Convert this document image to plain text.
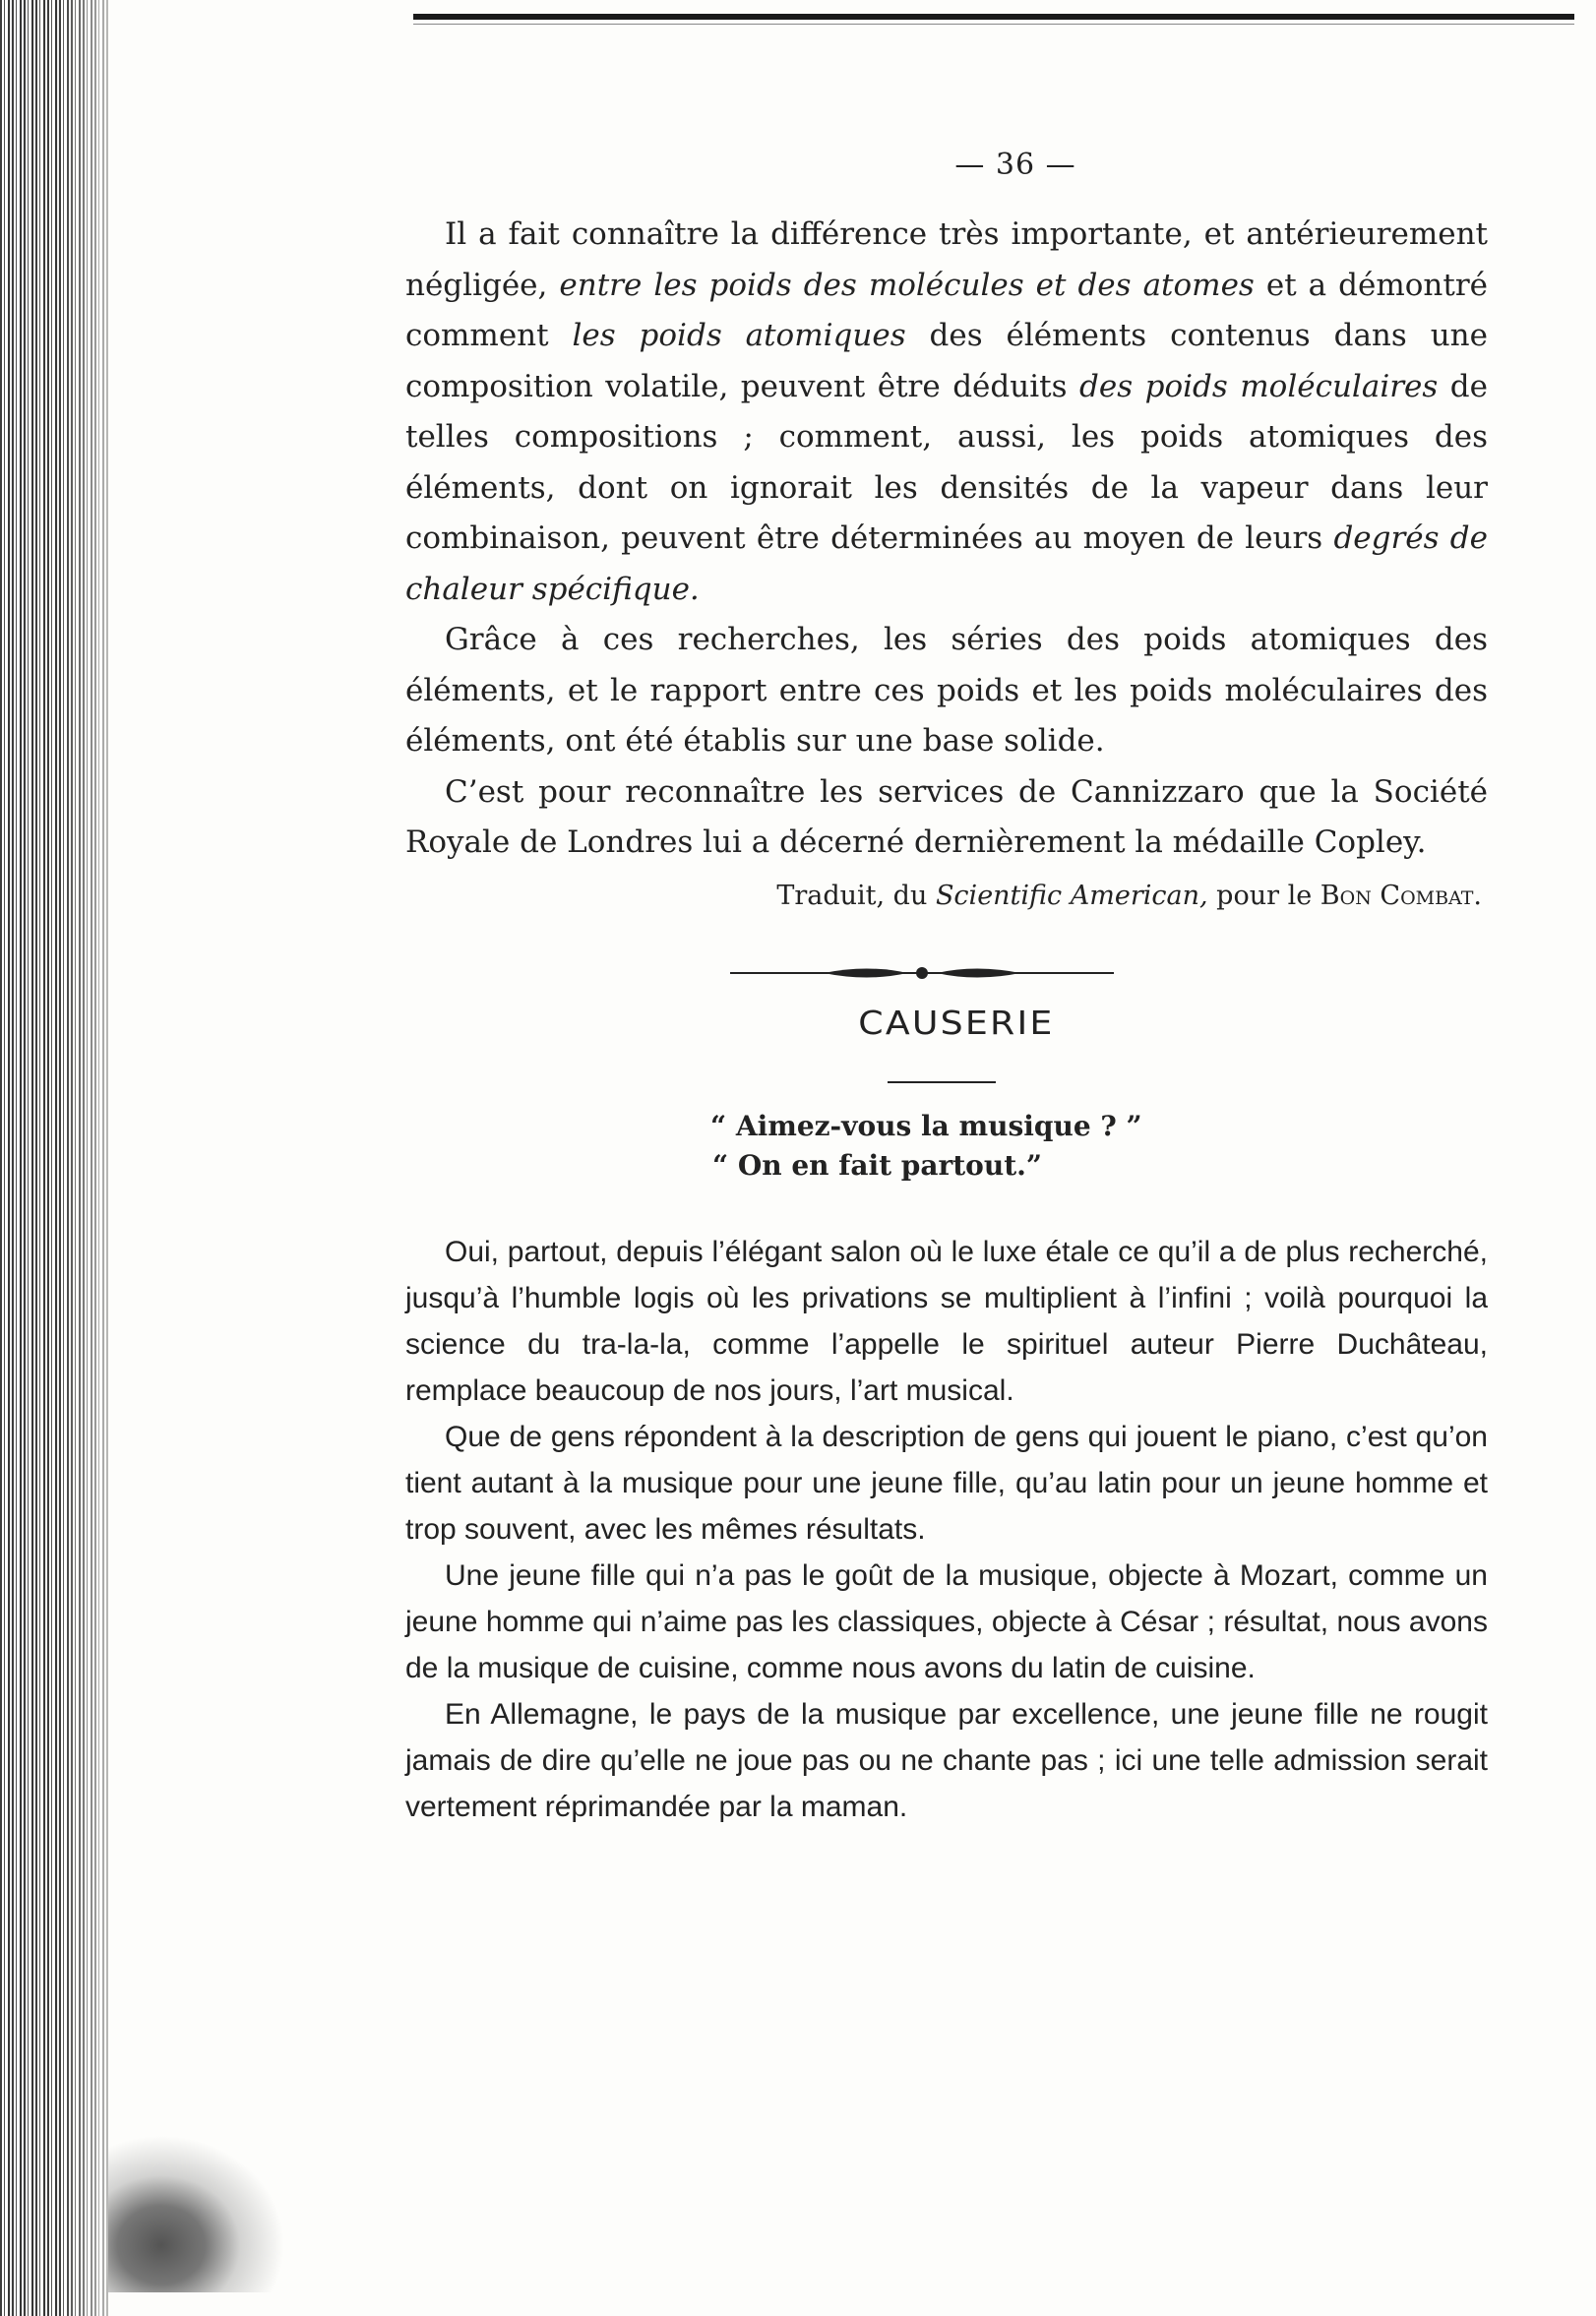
— 36 —

Il a fait connaître la différence très importante, et antérieurement négligée, entre les poids des molécules et des atomes et a démontré comment les poids atomiques des éléments contenus dans une composition volatile, peuvent être déduits des poids moléculaires de telles compositions ; comment, aussi, les poids atomiques des éléments, dont on ignorait les densités de la vapeur dans leur combinaison, peuvent être déterminées au moyen de leurs degrés de chaleur spécifique.

Grâce à ces recherches, les séries des poids atomiques des éléments, et le rapport entre ces poids et les poids moléculaires des éléments, ont été établis sur une base solide.

C’est pour reconnaître les services de Cannizzaro que la Société Royale de Londres lui a décerné dernièrement la médaille Copley.

Traduit, du Scientific American, pour le Bon Combat.
CAUSERIE
“ Aimez-vous la musique ? ”
“ On en fait partout.”

Oui, partout, depuis l’élégant salon où le luxe étale ce qu’il a de plus recherché, jusqu’à l’humble logis où les privations se multiplient à l’infini ; voilà pourquoi la science du tra-la-la, comme l’appelle le spirituel auteur Pierre Duchâteau, remplace beaucoup de nos jours, l’art musical.

Que de gens répondent à la description de gens qui jouent le piano, c’est qu’on tient autant à la musique pour une jeune fille, qu’au latin pour un jeune homme et trop souvent, avec les mêmes résultats.

Une jeune fille qui n’a pas le goût de la musique, objecte à Mozart, comme un jeune homme qui n’aime pas les classiques, objecte à César ; résultat, nous avons de la musique de cuisine, comme nous avons du latin de cuisine.

En Allemagne, le pays de la musique par excellence, une jeune fille ne rougit jamais de dire qu’elle ne joue pas ou ne chante pas ; ici une telle admission serait vertement réprimandée par la maman.
